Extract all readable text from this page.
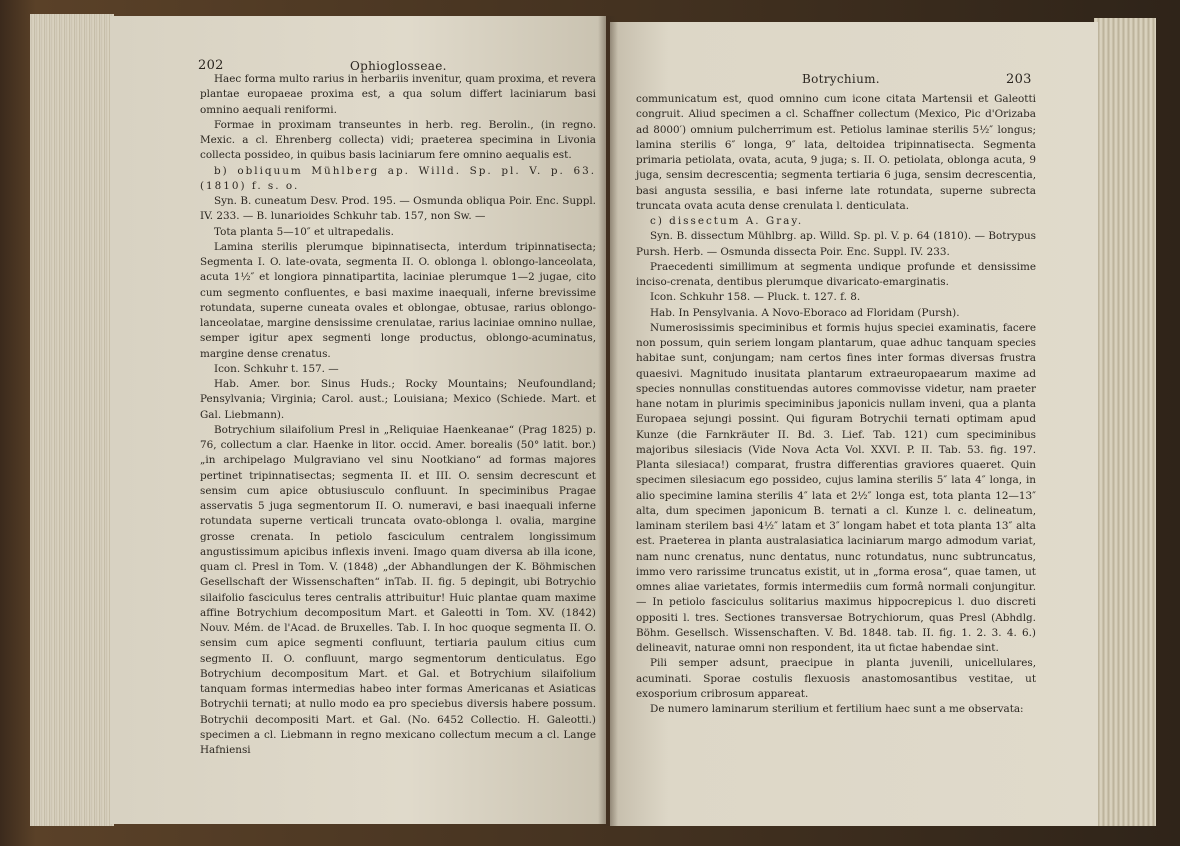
202	Ophioglosseae.

Haec forma multo rarius in herbariis invenitur, quam proxima, et revera plantae europaeae proxima est, a qua solum differt laciniarum basi omnino aequali reniformi.

Formae in proximam transeuntes in herb. reg. Berolin., (in regno. Mexic. a cl. Ehrenberg collecta) vidi; praeterea specimina in Livonia collecta possideo, in quibus basis laciniarum fere omnino aequalis est.

b) obliquum Mühlberg ap. Willd. Sp. pl. V. p. 63. (1810) f. s. o.

Syn. B. cuneatum Desv. Prod. 195. — Osmunda obliqua Poir. Enc. Suppl. IV. 233. — B. lunarioides Schkuhr tab. 157, non Sw. —

Tota planta 5—10″ et ultrapedalis.

Lamina sterilis plerumque bipinnatisecta, interdum tripinnatisecta; Segmenta I. O. late-ovata, segmenta II. O. oblonga l. oblongo-lanceolata, acuta 1½″ et longiora pinnatipartita, laciniae plerumque 1—2 jugae, cito cum segmento confluentes, e basi maxime inaequali, inferne brevissime rotundata, superne cuneata ovales et oblongae, obtusae, rarius oblongo-lanceolatae, margine densissime crenulatae, rarius laciniae omnino nullae, semper igitur apex segmenti longe productus, oblongo-acuminatus, margine dense crenatus.

Icon. Schkuhr t. 157. —

Hab. Amer. bor. Sinus Huds.; Rocky Mountains; Neufoundland; Pensylvania; Virginia; Carol. aust.; Louisiana; Mexico (Schiede. Mart. et Gal. Liebmann).

Botrychium silaifolium Presl in „Reliquiae Haenkeanae“ (Prag 1825) p. 76, collectum a clar. Haenke in litor. occid. Amer. borealis (50° latit. bor.) „in archipelago Mulgraviano vel sinu Nootkiano“ ad formas majores pertinet tripinnatisectas; segmenta II. et III. O. sensim decrescunt et sensim cum apice obtusiusculo confluunt. In speciminibus Pragae asservatis 5 juga segmentorum II. O. numeravi, e basi inaequali inferne rotundata superne verticali truncata ovato-oblonga l. ovalia, margine grosse crenata. In petiolo fasciculum centralem longissimum angustissimum apicibus inflexis inveni. Imago quam diversa ab illa icone, quam cl. Presl in Tom. V. (1848) „der Abhandlungen der K. Böhmischen Gesellschaft der Wissenschaften“ inTab. II. fig. 5 depingit, ubi Botrychio silaifolio fasciculus teres centralis attribuitur! Huic plantae quam maxime affine Botrychium decompositum Mart. et Galeotti in Tom. XV. (1842) Nouv. Mém. de l'Acad. de Bruxelles. Tab. I. In hoc quoque segmenta II. O. sensim cum apice segmenti confluunt, tertiaria paulum citius cum segmento II. O. confluunt, margo segmentorum denticulatus. Ego Botrychium decompositum Mart. et Gal. et Botrychium silaifolium tanquam formas intermedias habeo inter formas Americanas et Asiaticas Botrychii ternati; at nullo modo ea pro speciebus diversis habere possum. Botrychii decompositi Mart. et Gal. (No. 6452 Collectio. H. Galeotti.) specimen a cl. Liebmann in regno mexicano collectum mecum a cl. Lange Hafniensi

Botrychium.	203

communicatum est, quod omnino cum icone citata Martensii et Galeotti congruit. Aliud specimen a cl. Schaffner collectum (Mexico, Pic d'Orizaba ad 8000′) omnium pulcherrimum est. Petiolus laminae sterilis 5½″ longus; lamina sterilis 6″ longa, 9″ lata, deltoidea tripinnatisecta. Segmenta primaria petiolata, ovata, acuta, 9 juga; s. II. O. petiolata, oblonga acuta, 9 juga, sensim decrescentia; segmenta tertiaria 6 juga, sensim decrescentia, basi angusta sessilia, e basi inferne late rotundata, superne subrecta truncata ovata acuta dense crenulata l. denticulata.

c) dissectum A. Gray.

Syn. B. dissectum Mühlbrg. ap. Willd. Sp. pl. V. p. 64 (1810). — Botrypus Pursh. Herb. — Osmunda dissecta Poir. Enc. Suppl. IV. 233.

Praecedenti simillimum at segmenta undique profunde et densissime inciso-crenata, dentibus plerumque divaricato-emarginatis.

Icon. Schkuhr 158. — Pluck. t. 127. f. 8.

Hab. In Pensylvania. A Novo-Eboraco ad Floridam (Pursh).

Numerosissimis speciminibus et formis hujus speciei examinatis, facere non possum, quin seriem longam plantarum, quae adhuc tanquam species habitae sunt, conjungam; nam certos fines inter formas diversas frustra quaesivi. Magnitudo inusitata plantarum extraeuropaearum maxime ad species nonnullas constituendas autores commovisse videtur, nam praeter hane notam in plurimis speciminibus japonicis nullam inveni, qua a planta Europaea sejungi possint. Qui figuram Botrychii ternati optimam apud Kunze (die Farnkräuter II. Bd. 3. Lief. Tab. 121) cum speciminibus majoribus silesiacis (Vide Nova Acta Vol. XXVI. P. II. Tab. 53. fig. 197. Planta silesiaca!) comparat, frustra differentias graviores quaeret. Quin specimen silesiacum ego possideo, cujus lamina sterilis 5″ lata 4″ longa, in alio specimine lamina sterilis 4″ lata et 2½″ longa est, tota planta 12—13″ alta, dum specimen japonicum B. ternati a cl. Kunze l. c. delineatum, laminam sterilem basi 4½″ latam et 3″ longam habet et tota planta 13″ alta est. Praeterea in planta australasiatica laciniarum margo admodum variat, nam nunc crenatus, nunc dentatus, nunc rotundatus, nunc subtruncatus, immo vero rarissime truncatus existit, ut in „forma erosa“, quae tamen, ut omnes aliae varietates, formis intermediis cum formâ normali conjungitur. — In petiolo fasciculus solitarius maximus hippocrepicus l. duo discreti oppositi l. tres. Sectiones transversae Botrychiorum, quas Presl (Abhdlg. Böhm. Gesellsch. Wissenschaften. V. Bd. 1848. tab. II. fig. 1. 2. 3. 4. 6.) delineavit, naturae omni non respondent, ita ut fictae habendae sint.

Pili semper adsunt, praecipue in planta juvenili, unicellulares, acuminati. Sporae costulis flexuosis anastomosantibus vestitae, ut exosporium cribrosum appareat.

De numero laminarum sterilium et fertilium haec sunt a me observata:
